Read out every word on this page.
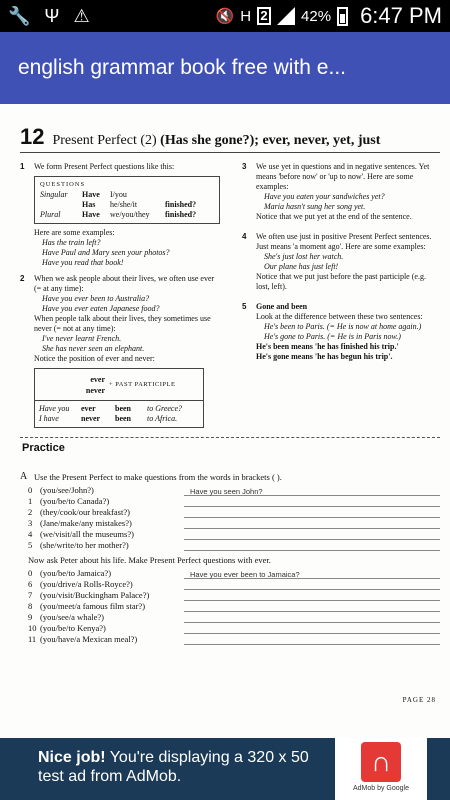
🔧 Ψ ⚠	🔇 H 2 42% 6:47 PM
english grammar book free with e...
12 Present Perfect (2) (Has she gone?); ever, never, yet, just
1 We form Present Perfect questions like this:

QUESTIONS
Singular	Have	I/you
Has	he/she/it	finished?
Plural	Have	we/you/they	finished?

Here are some examples:

Has the train left?

Have Paul and Mary seen your photos?

Have you read that book!

2 When we ask people about their lives, we often use ever (= at any time):

Have you ever been to Australia?

Have you ever eaten Japanese food?

When people talk about their lives, they sometimes use never (= not at any time):

I've never learnt French.

She has never seen an elephant.

Notice the position of ever and never:

ever
never
+ PAST PARTICIPLE
Have you	ever	been	to Greece?
I have	never	been	to Africa.
3 We use yet in questions and in negative sentences. Yet means 'before now' or 'up to now'. Here are some examples:

Have you eaten your sandwiches yet?

Maria hasn't sung her song yet.

Notice that we put yet at the end of the sentence.

4 We often use just in positive Present Perfect sentences. Just means 'a moment ago'. Here are some examples:

She's just lost her watch.

Our plane has just left!

Notice that we put just before the past participle (e.g. lost, left).

5 Gone and been

Look at the difference between these two sentences:

He's been to Paris. (= He is now at home again.)

He's gone to Paris. (= He is in Paris now.)

He's been means 'he has finished his trip.'

He's gone means 'he has begun his trip'.

Practice
A Use the Present Perfect to make questions from the words in brackets ( ).
0 (you/see/John?)	Have you seen John?
1 (you/be/to Canada?)
2 (they/cook/our breakfast?)
3 (Jane/make/any mistakes?)
4 (we/visit/all the museums?)
5 (she/write/to her mother?)
Now ask Peter about his life. Make Present Perfect questions with ever.
0 (you/be/to Jamaica?)	Have you ever been to Jamaica?
6 (you/drive/a Rolls-Royce?)
7 (you/visit/Buckingham Palace?)
8 (you/meet/a famous film star?)
9 (you/see/a whale?)
10 (you/be/to Kenya?)
11 (you/have/a Mexican meal?)
PAGE 28
Nice job! You're displaying a 320 x 50 test ad from AdMob.	∩
AdMob by Google
